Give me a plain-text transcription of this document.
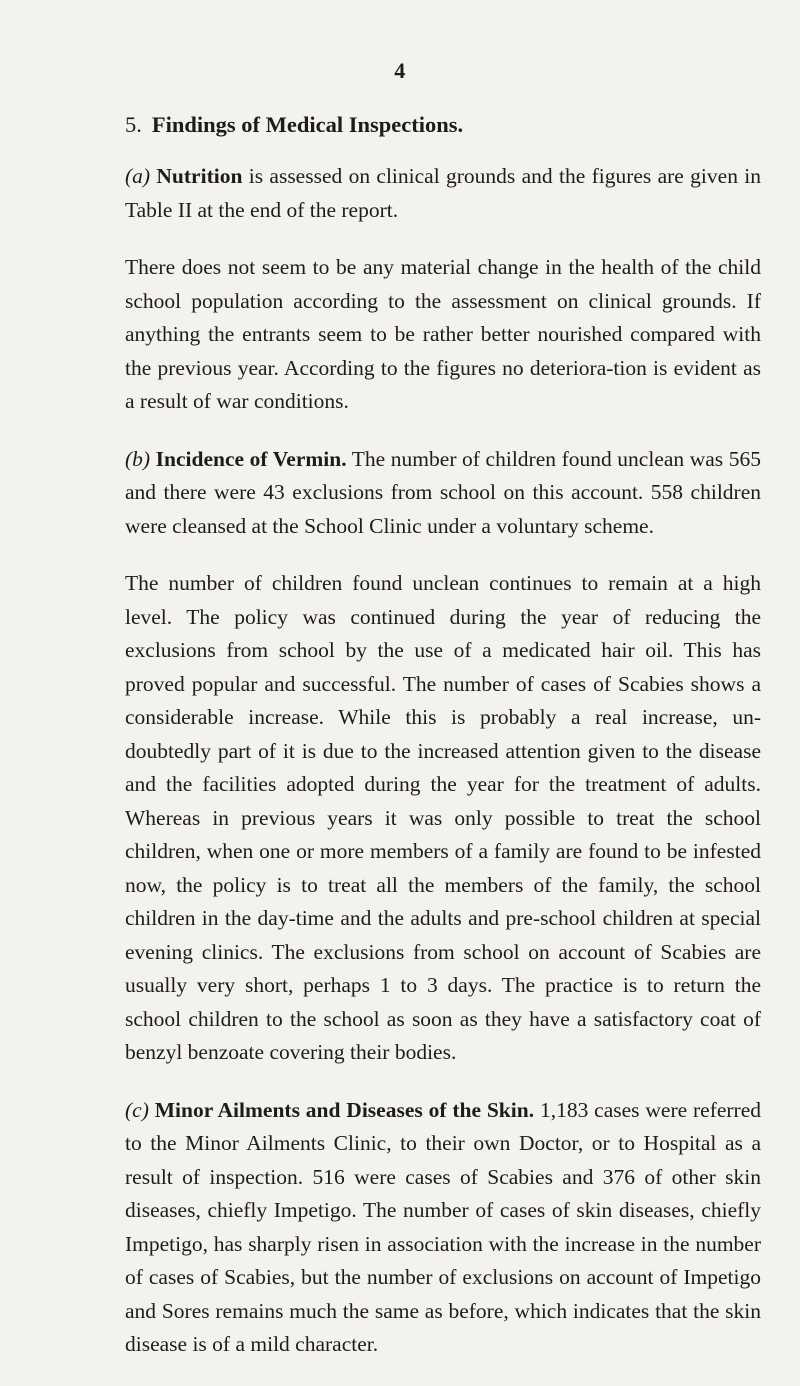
4
5. Findings of Medical Inspections.

(a) Nutrition is assessed on clinical grounds and the figures are given in Table II at the end of the report.

There does not seem to be any material change in the health of the child school population according to the assessment on clinical grounds. If anything the entrants seem to be rather better nourished compared with the previous year. According to the figures no deteriora-tion is evident as a result of war conditions.

(b) Incidence of Vermin. The number of children found unclean was 565 and there were 43 exclusions from school on this account. 558 children were cleansed at the School Clinic under a voluntary scheme.

The number of children found unclean continues to remain at a high level. The policy was continued during the year of reducing the exclusions from school by the use of a medicated hair oil. This has proved popular and successful. The number of cases of Scabies shows a considerable increase. While this is probably a real increase, un-doubtedly part of it is due to the increased attention given to the disease and the facilities adopted during the year for the treatment of adults. Whereas in previous years it was only possible to treat the school children, when one or more members of a family are found to be infested now, the policy is to treat all the members of the family, the school children in the day-time and the adults and pre-school children at special evening clinics. The exclusions from school on account of Scabies are usually very short, perhaps 1 to 3 days. The practice is to return the school children to the school as soon as they have a satisfactory coat of benzyl benzoate covering their bodies.

(c) Minor Ailments and Diseases of the Skin. 1,183 cases were referred to the Minor Ailments Clinic, to their own Doctor, or to Hospital as a result of inspection. 516 were cases of Scabies and 376 of other skin diseases, chiefly Impetigo. The number of cases of skin diseases, chiefly Impetigo, has sharply risen in association with the increase in the number of cases of Scabies, but the number of exclusions on account of Impetigo and Sores remains much the same as before, which indicates that the skin disease is of a mild character.
